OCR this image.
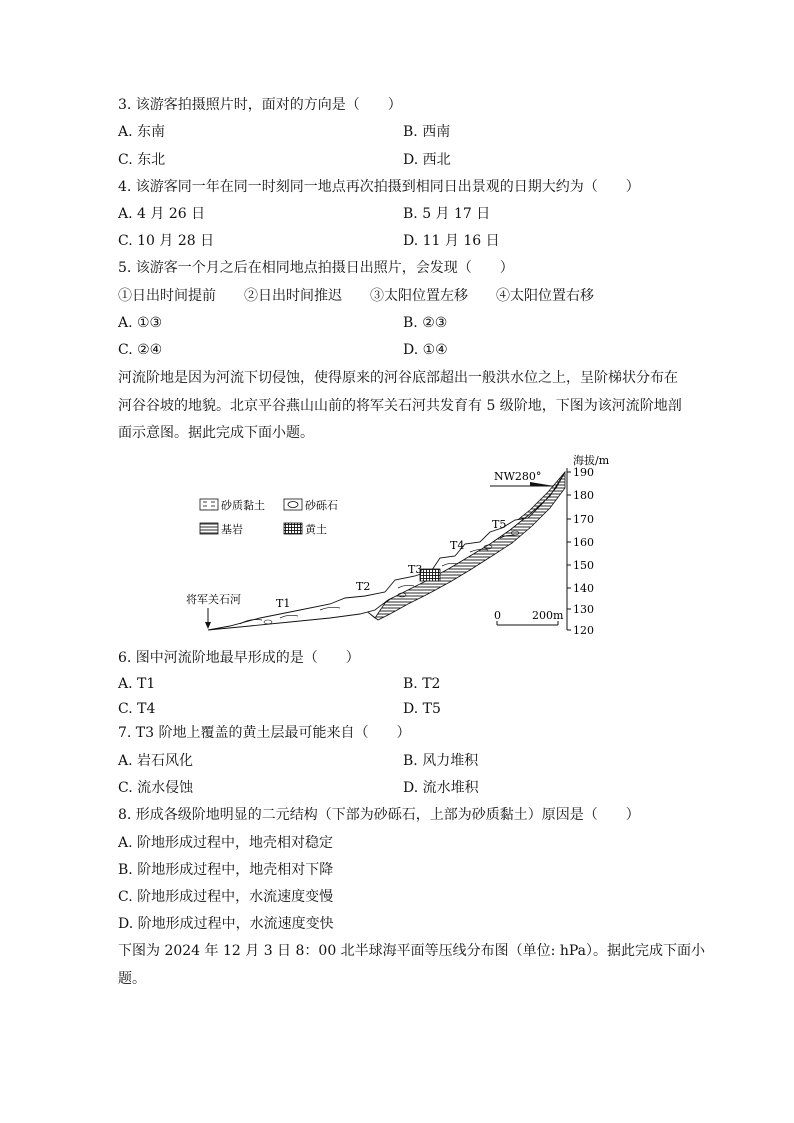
3. 该游客拍摄照片时，面对的方向是（　　）
A. 东南	B. 西南
C. 东北	D. 西北
4. 该游客同一年在同一时刻同一地点再次拍摄到相同日出景观的日期大约为（　　）
A. 4 月 26 日	B. 5 月 17 日
C. 10 月 28 日	D. 11 月 16 日
5. 该游客一个月之后在相同地点拍摄日出照片，会发现（　　）
①日出时间提前　　②日出时间推迟　　③太阳位置左移　　④太阳位置右移
A. ①③	B. ②③
C. ②④	D. ①④
河流阶地是因为河流下切侵蚀，使得原来的河谷底部超出一般洪水位之上，呈阶梯状分布在
河谷谷坡的地貌。北京平谷燕山山前的将军关石河共发育有 5 级阶地，下图为该河流阶地剖
面示意图。据此完成下面小题。
海拔/m
190
180
170
160
150
140
130
120
NW280°
砂质黏土	砂砾石
基岩	黄土
T1
T2
T3
T4
T5
将军关石河
0	200m
6. 图中河流阶地最早形成的是（　　）
A. T1	B. T2
C. T4	D. T5
7. T3 阶地上覆盖的黄土层最可能来自（　　）
A. 岩石风化	B. 风力堆积
C. 流水侵蚀	D. 流水堆积
8. 形成各级阶地明显的二元结构（下部为砂砾石，上部为砂质黏土）原因是（　　）
A. 阶地形成过程中，地壳相对稳定
B. 阶地形成过程中，地壳相对下降
C. 阶地形成过程中，水流速度变慢
D. 阶地形成过程中，水流速度变快
下图为 2024 年 12 月 3 日 8：00 北半球海平面等压线分布图（单位: hPa）。据此完成下面小
题。
